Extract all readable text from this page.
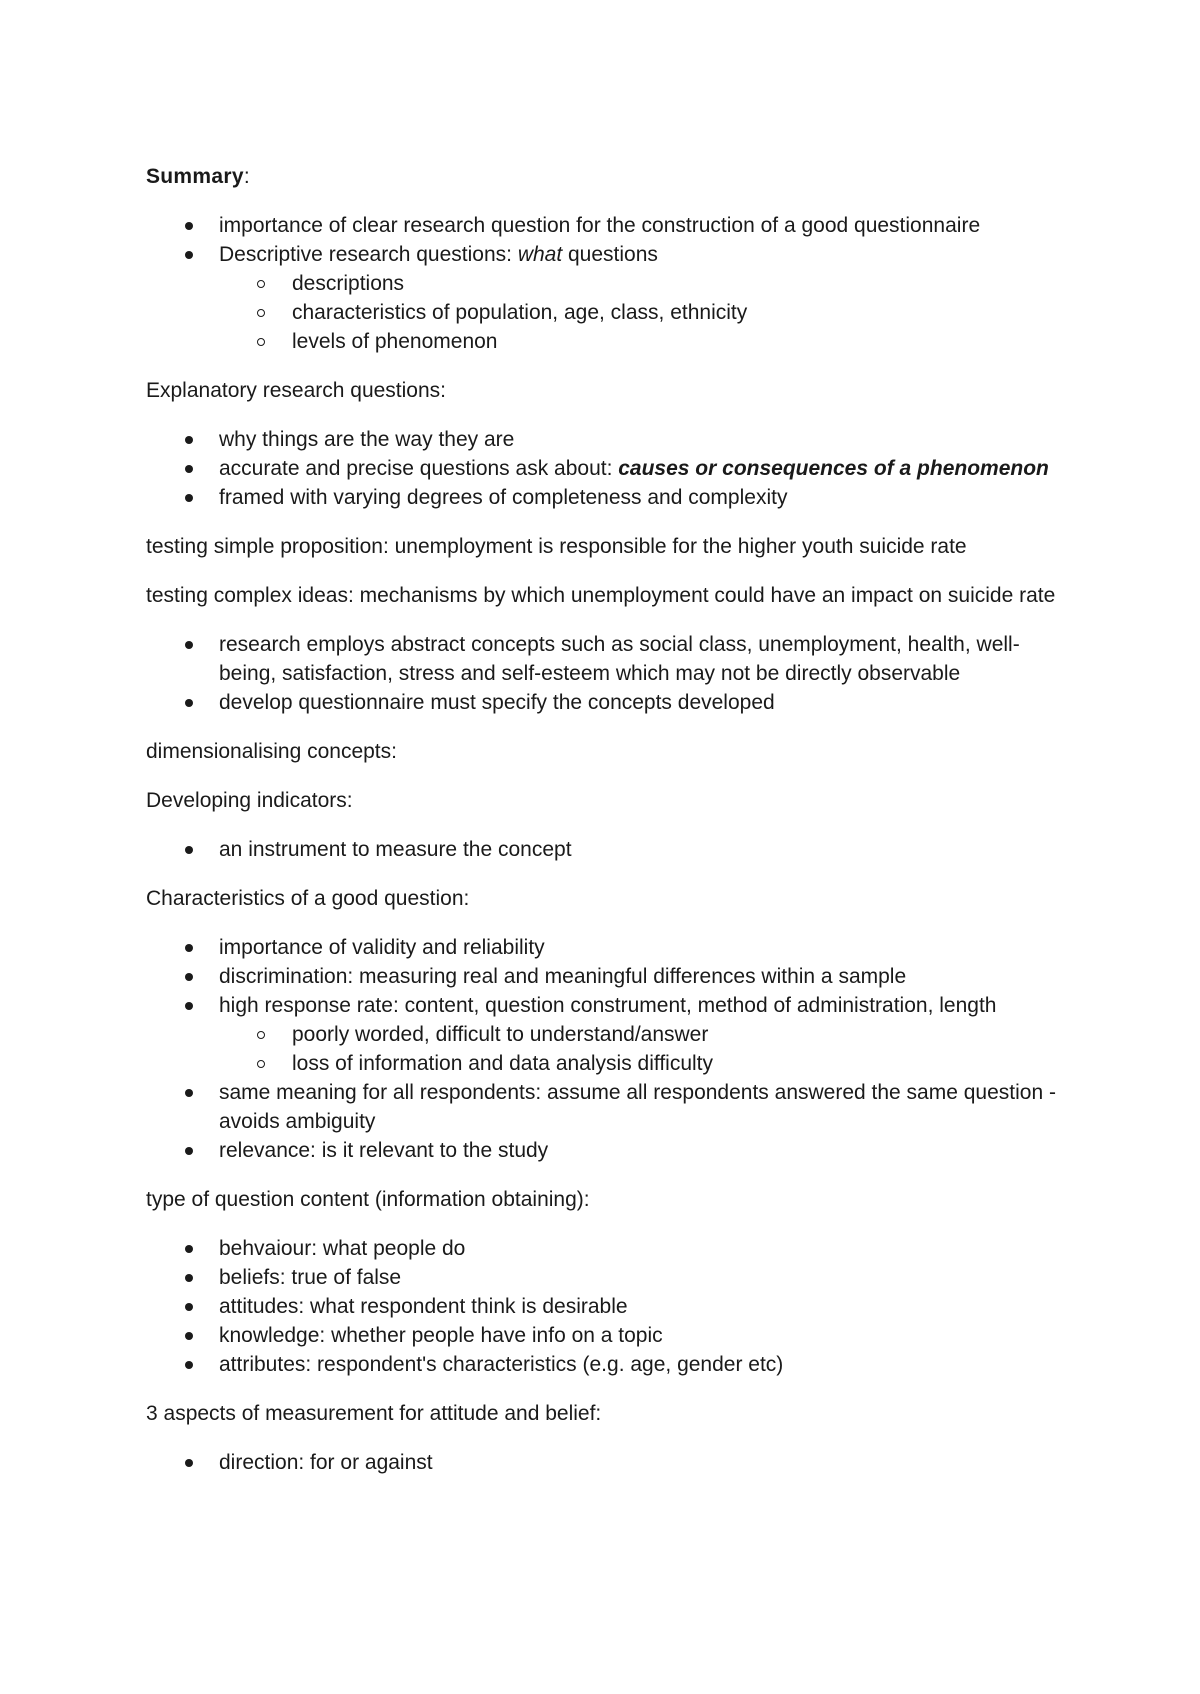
Summary:

importance of clear research question for the construction of a good questionnaire
Descriptive research questions: what questions
descriptions
characteristics of population, age, class, ethnicity
levels of phenomenon

Explanatory research questions:

why things are the way they are
accurate and precise questions ask about: causes or consequences of a phenomenon
framed with varying degrees of completeness and complexity

testing simple proposition: unemployment is responsible for the higher youth suicide rate

testing complex ideas: mechanisms by which unemployment could have an impact on suicide rate

research employs abstract concepts such as social class, unemployment, health, well-being, satisfaction, stress and self-esteem which may not be directly observable
develop questionnaire must specify the concepts developed

dimensionalising concepts:

Developing indicators:

an instrument to measure the concept

Characteristics of a good question:

importance of validity and reliability
discrimination: measuring real and meaningful differences within a sample
high response rate: content, question construment, method of administration, length
poorly worded, difficult to understand/answer
loss of information and data analysis difficulty
same meaning for all respondents: assume all respondents answered the same question - avoids ambiguity
relevance: is it relevant to the study

type of question content (information obtaining):

behvaiour: what people do
beliefs: true of false
attitudes: what respondent think is desirable
knowledge: whether people have info on a topic
attributes: respondent's characteristics (e.g. age, gender etc)

3 aspects of measurement for attitude and belief:

direction: for or against
